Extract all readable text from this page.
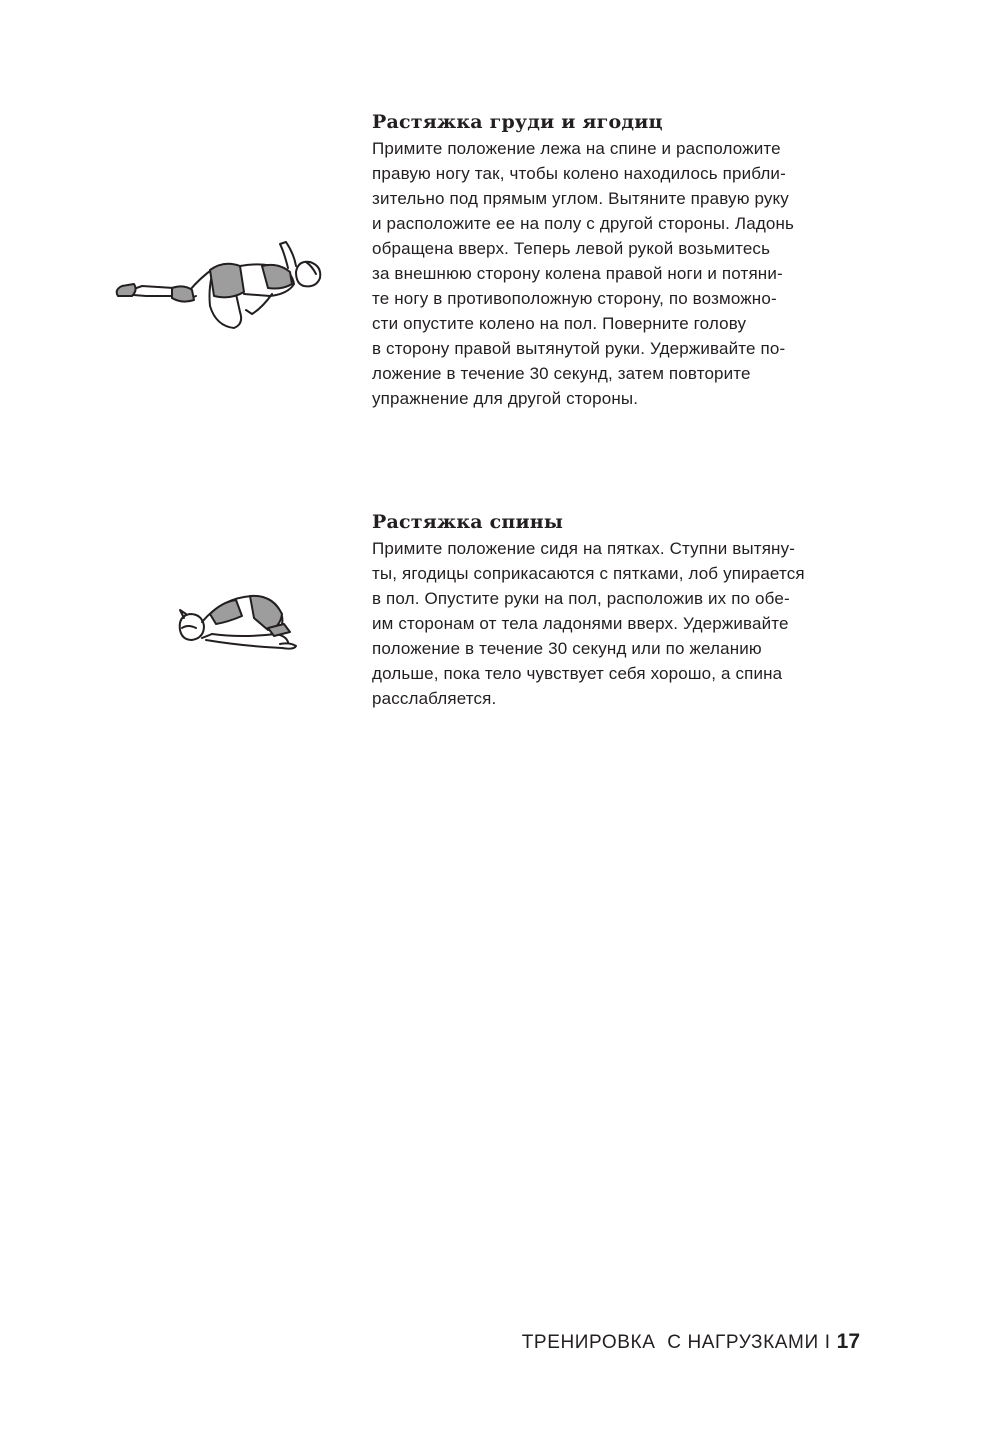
Растяжка груди и ягодиц
Примите положение лежа на спине и расположите
правую ногу так, чтобы колено находилось прибли-
зительно под прямым углом. Вытяните правую руку
и расположите ее на полу с другой стороны. Ладонь
обращена вверх. Теперь левой рукой возьмитесь
за внешнюю сторону колена правой ноги и потяни-
те ногу в противоположную сторону, по возможно-
сти опустите колено на пол. Поверните голову
в сторону правой вытянутой руки. Удерживайте по-
ложение в течение 30 секунд, затем повторите
упражнение для другой стороны.
Растяжка спины
Примите положение сидя на пятках. Ступни вытяну-
ты, ягодицы соприкасаются с пятками, лоб упирается
в пол. Опустите руки на пол, расположив их по обе-
им сторонам от тела ладонями вверх. Удерживайте
положение в течение 30 секунд или по желанию
дольше, пока тело чувствует себя хорошо, а спина
расслабляется.
ТРЕНИРОВКА  С НАГРУЗКАМИ I 17
